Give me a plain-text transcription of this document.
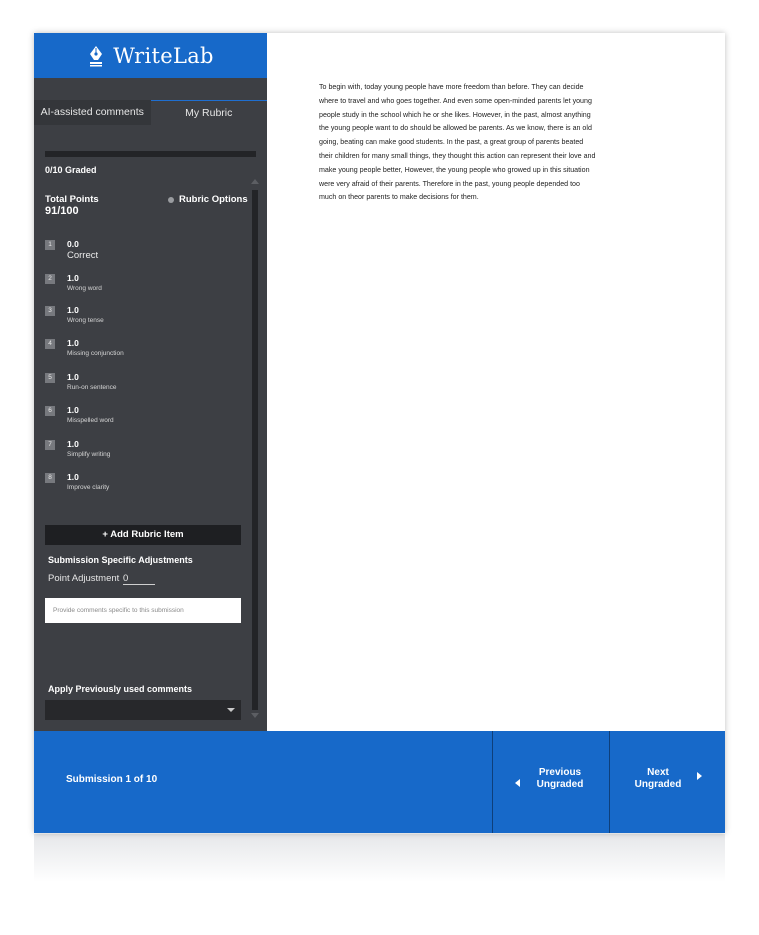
WriteLab
AI-assisted comments	My Rubric
0/10 Graded
Total Points
91/100
Rubric Options
1	0.0
Correct
2	1.0
Wrong word
3	1.0
Wrong tense
4	1.0
Missing conjunction
5	1.0
Run-on sentence
6	1.0
Misspelled word
7	1.0
Simplify writing
8	1.0
Improve clarity
+ Add Rubric Item
Submission Specific Adjustments
Point Adjustment 0
Provide comments specific to this submission
Apply Previously used comments
To begin with, today young people have more freedom than before. They can decide
where to travel and who goes together. And even some open-minded parents let young
people study in the school which he or she likes. However, in the past, almost anything
the young people want to do should be allowed be parents. As we know, there is an old
going, beating can make good students. In the past, a great group of parents beated
their children for many small things, they thought this action can represent their love and
make young people better, However, the young people who growed up in this situation
were very afraid of their parents. Therefore in the past, young people depended too
much on theor parents to make decisions for them.
Submission 1 of 10
Previous
Ungraded
Next
Ungraded
